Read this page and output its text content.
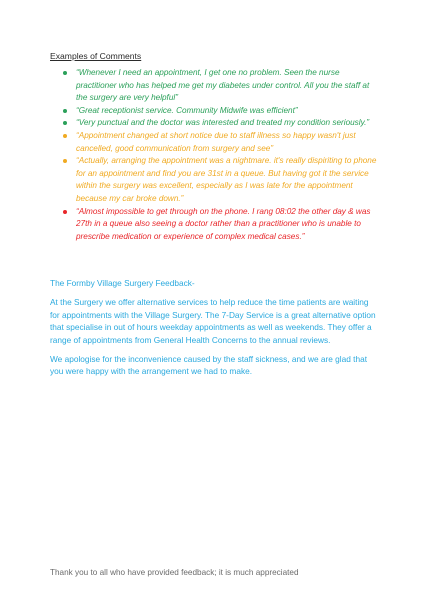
Examples of Comments
“Whenever I need an appointment, I get one no problem. Seen the nurse practitioner who has helped me get my diabetes under control. All you the staff at the surgery are very helpful”
“Great receptionist service. Community Midwife was efficient”
“Very punctual and the doctor was interested and treated my condition seriously.”
“Appointment changed at short notice due to staff illness so happy wasn't just cancelled, good communication from surgery and see”
“Actually, arranging the appointment was a nightmare. it's really dispiriting to phone for an appointment and find you are 31st in a queue. But having got it the service within the surgery was excellent, especially as I was late for the appointment because my car broke down.”
“Almost impossible to get through on the phone. I rang 08:02 the other day & was 27th in a queue also seeing a doctor rather than a practitioner who is unable to prescribe medication or experience of complex medical cases.”

The Formby Village Surgery Feedback-

At the Surgery we offer alternative services to help reduce the time patients are waiting for appointments with the Village Surgery. The 7-Day Service is a great alternative option that specialise in out of hours weekday appointments as well as weekends. They offer a range of appointments from General Health Concerns to the annual reviews.

We apologise for the inconvenience caused by the staff sickness, and we are glad that you were happy with the arrangement we had to make.

Thank you to all who have provided feedback; it is much appreciated
